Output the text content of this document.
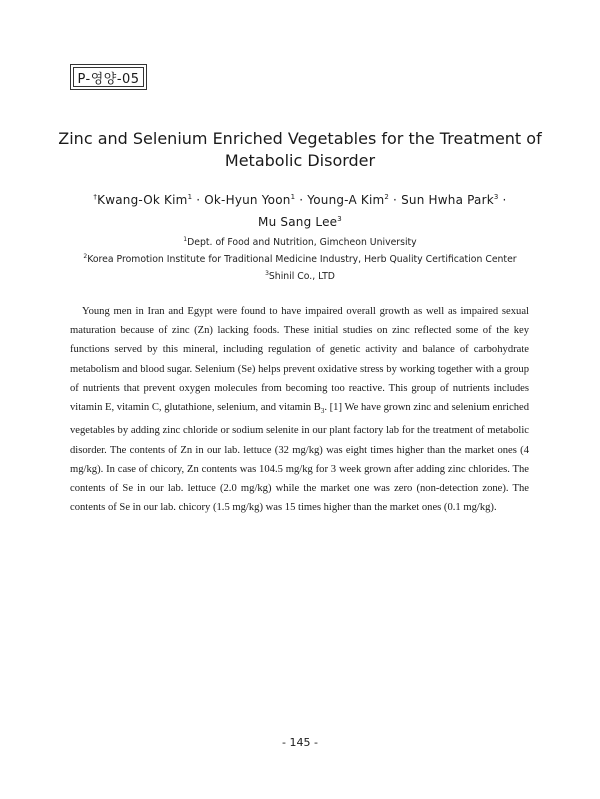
P-영양-05
Zinc and Selenium Enriched Vegetables for the Treatment of
Metabolic Disorder
†Kwang-Ok Kim$^1$ · Ok-Hyun Yoon$^1$ · Young-A Kim$^2$ · Sun Hwha Park$^3$ ·
Mu Sang Lee$^3$
$^1$Dept. of Food and Nutrition, Gimcheon University
$^2$Korea Promotion Institute for Traditional Medicine Industry, Herb Quality Certification Center
$^3$Shinil Co., LTD

Young men in Iran and Egypt were found to have impaired overall growth as well as impaired sexual maturation because of zinc (Zn) lacking foods. These initial studies on zinc reflected some of the key functions served by this mineral, including regulation of genetic activity and balance of carbohydrate metabolism and blood sugar. Selenium (Se) helps prevent oxidative stress by working together with a group of nutrients that prevent oxygen molecules from becoming too reactive. This group of nutrients includes vitamin E, vitamin C, glutathione, selenium, and vitamin $B_3$. [1] We have grown zinc and selenium enriched vegetables by adding zinc chloride or sodium selenite in our plant factory lab for the treatment of metabolic disorder. The contents of Zn in our lab. lettuce (32 mg/kg) was eight times higher than the market ones (4 mg/kg). In case of chicory, Zn contents was 104.5 mg/kg for 3 week grown after adding zinc chlorides. The contents of Se in our lab. lettuce (2.0 mg/kg) while the market one was zero (non-detection zone). The contents of Se in our lab. chicory (1.5 mg/kg) was 15 times higher than the market ones (0.1 mg/kg).

- 145 -
